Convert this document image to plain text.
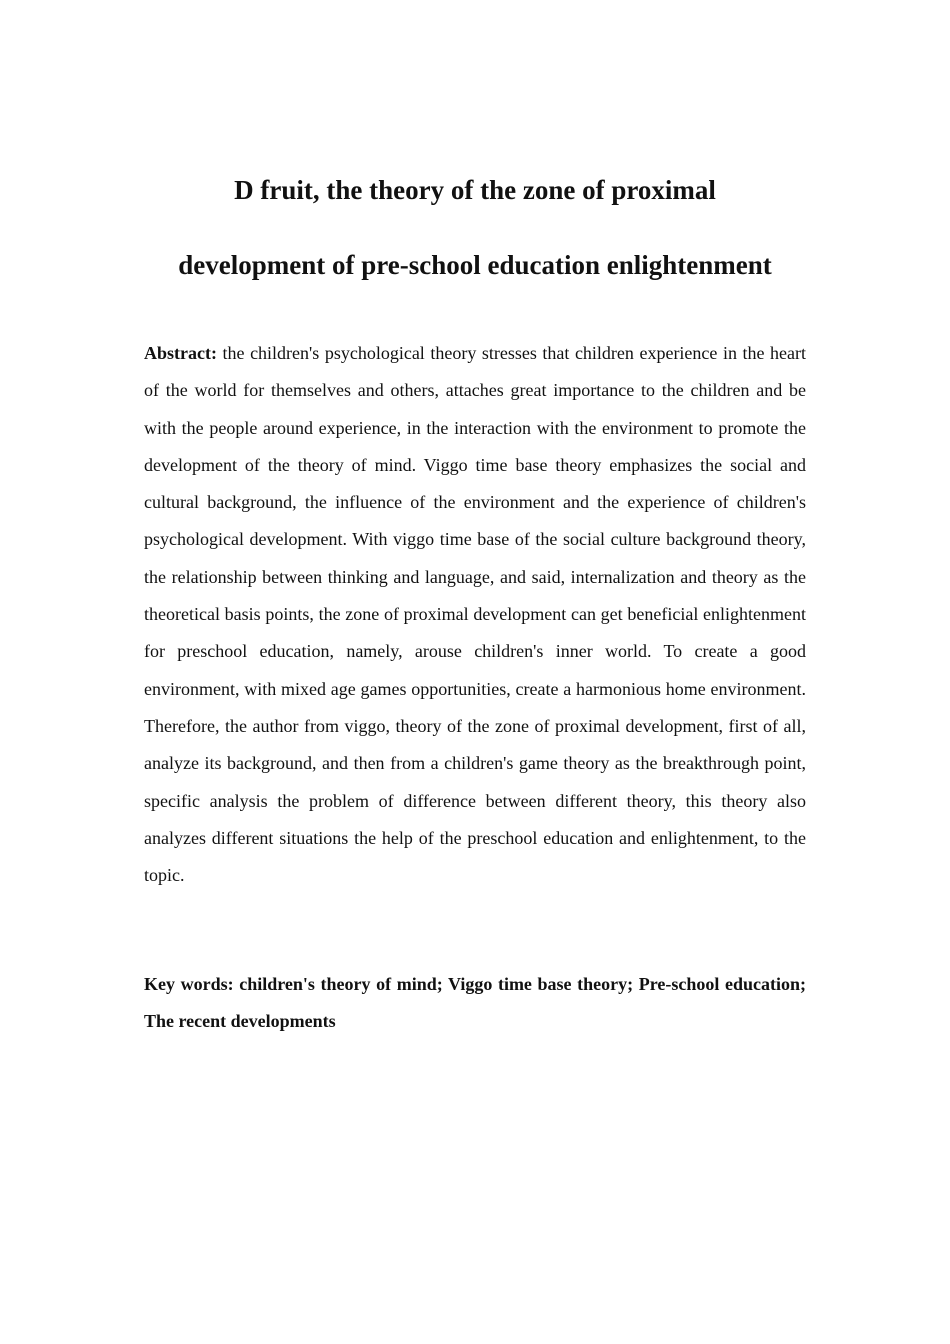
D fruit, the theory of the zone of proximal
development of pre-school education enlightenment

Abstract: the children's psychological theory stresses that children experience in the heart of the world for themselves and others, attaches great importance to the children and be with the people around experience, in the interaction with the environment to promote the development of the theory of mind. Viggo time base theory emphasizes the social and cultural background, the influence of the environment and the experience of children's psychological development. With viggo time base of the social culture background theory, the relationship between thinking and language, and said, internalization and theory as the theoretical basis points, the zone of proximal development can get beneficial enlightenment for preschool education, namely, arouse children's inner world. To create a good environment, with mixed age games opportunities, create a harmonious home environment. Therefore, the author from viggo, theory of the zone of proximal development, first of all, analyze its background, and then from a children's game theory as the breakthrough point, specific analysis the problem of difference between different theory, this theory also analyzes different situations the help of the preschool education and enlightenment, to the topic.

Key words: children's theory of mind; Viggo time base theory; Pre-school education; The recent developments
